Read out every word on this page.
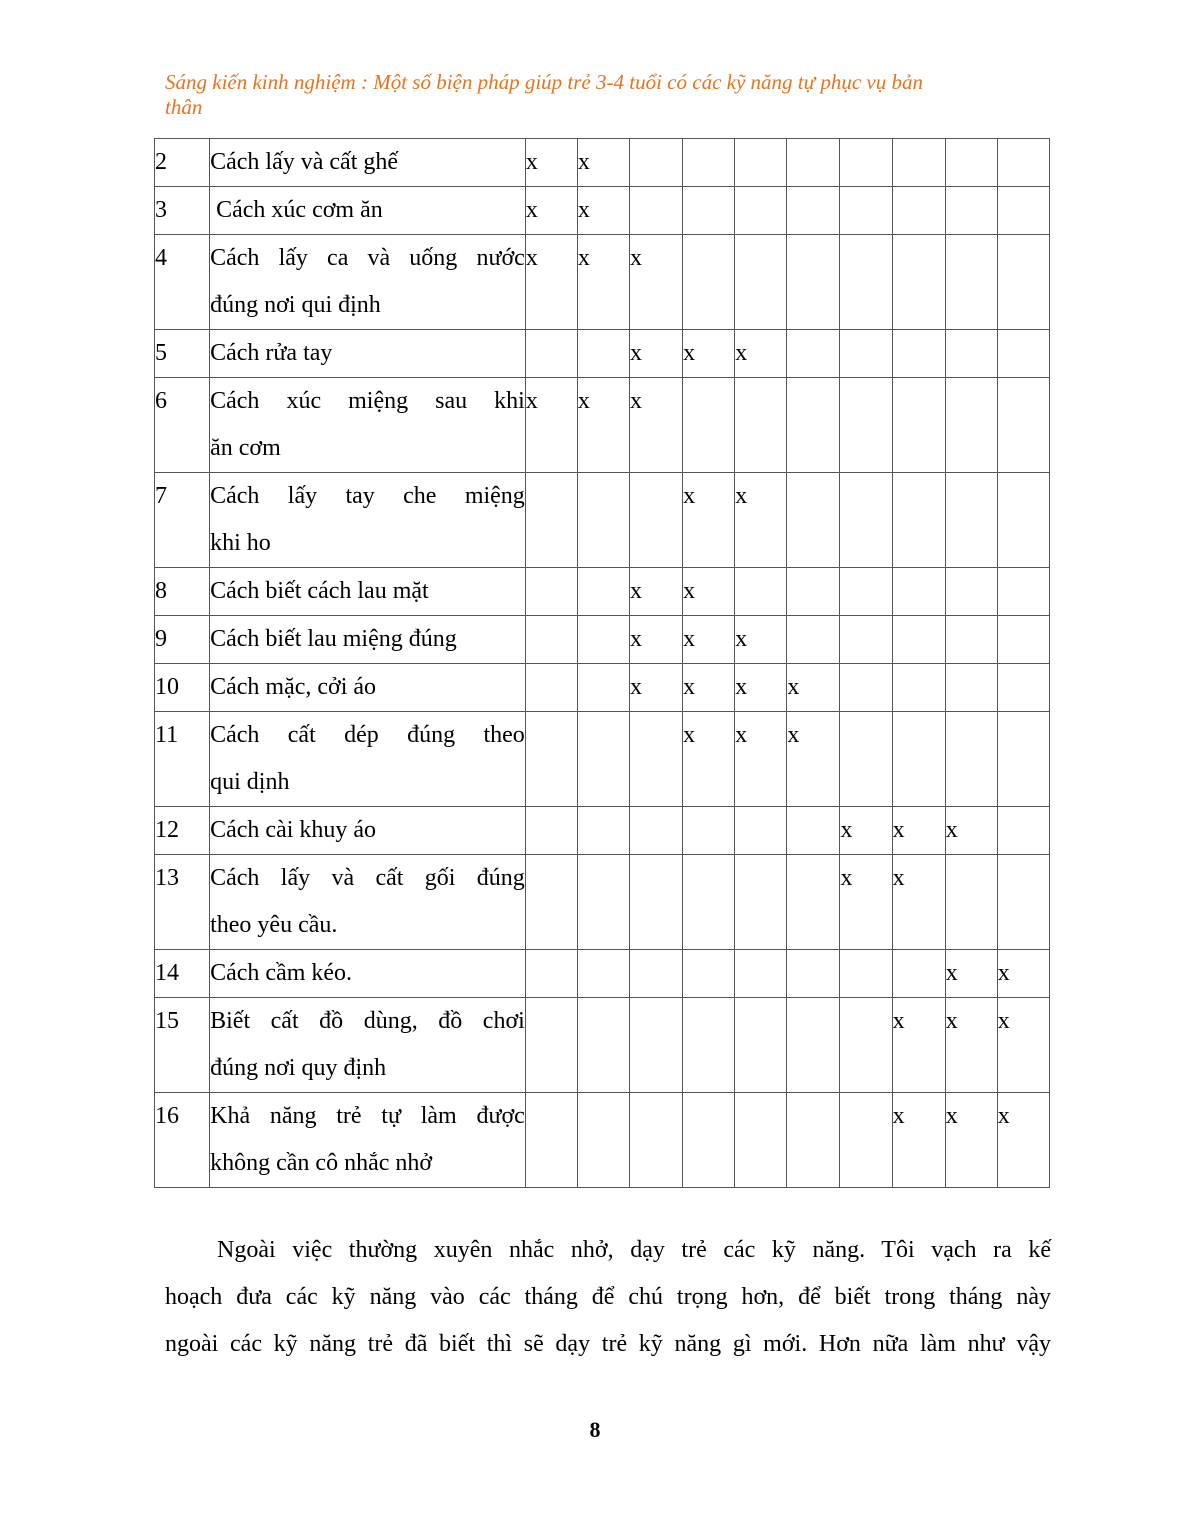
Sáng kiến kinh nghiệm : Một số biện pháp giúp trẻ 3-4 tuổi có các kỹ năng tự phục vụ bản
thân
2	Cách lấy và cất ghế	x	x								
3	Cách xúc cơm ăn	x	x								
4	Cách lấy ca và uống nước
đúng nơi qui định	x	x	x							
5	Cách rửa tay			x	x	x					
6	Cách xúc miệng sau khi
ăn cơm	x	x	x							
7	Cách lấy tay che miệng
khi ho				x	x					
8	Cách biết cách lau mặt			x	x						
9	Cách biết lau miệng đúng			x	x	x					
10	Cách mặc, cởi áo			x	x	x	x				
11	Cách cất dép đúng theo
qui dịnh				x	x	x				
12	Cách cài khuy áo							x	x	x	
13	Cách lấy và cất gối đúng
theo yêu cầu.							x	x		
14	Cách cầm kéo.									x	x
15	Biết cất đồ dùng, đồ chơi
đúng nơi quy định								x	x	x
16	Khả năng trẻ tự làm được
không cần cô nhắc nhở								x	x	x
Ngoài việc thường xuyên nhắc nhở, dạy trẻ các kỹ năng. Tôi vạch ra kế
hoạch đưa các kỹ năng vào các tháng để chú trọng hơn, để biết trong tháng này
ngoài các kỹ năng trẻ đã biết thì sẽ dạy trẻ kỹ năng gì mới. Hơn nữa làm như vậy
8
